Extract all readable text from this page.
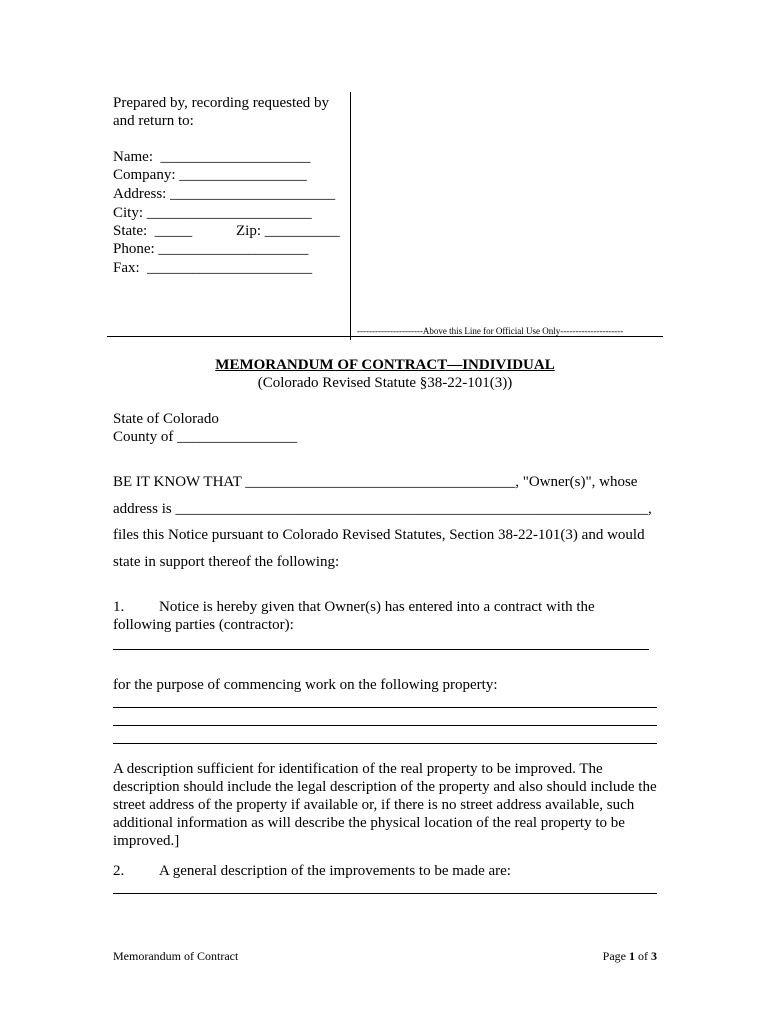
Prepared by, recording requested by
and return to:
Name:  ____________________
Company: _________________
Address: ______________________
City: ______________________
State:  _____	Zip: __________
Phone: ____________________
Fax:  ______________________
----------------------Above this Line for Official Use Only---------------------
MEMORANDUM OF CONTRACT—INDIVIDUAL
(Colorado Revised Statute §38-22-101(3))
State of Colorado
County of ________________
BE IT KNOW THAT ____________________________________, "Owner(s)", whose
address is _______________________________________________________________,
files this Notice pursuant to Colorado Revised Statutes, Section 38-22-101(3) and would
state in support thereof the following:
1. Notice is hereby given that Owner(s) has entered into a contract with the
following parties (contractor):
for the purpose of commencing work on the following property:
A description sufficient for identification of the real property to be improved. The description should include the legal description of the property and also should include the street address of the property if available or, if there is no street address available, such additional information as will describe the physical location of the real property to be improved.]
2. A general description of the improvements to be made are:
Memorandum of Contract	Page 1 of 3
